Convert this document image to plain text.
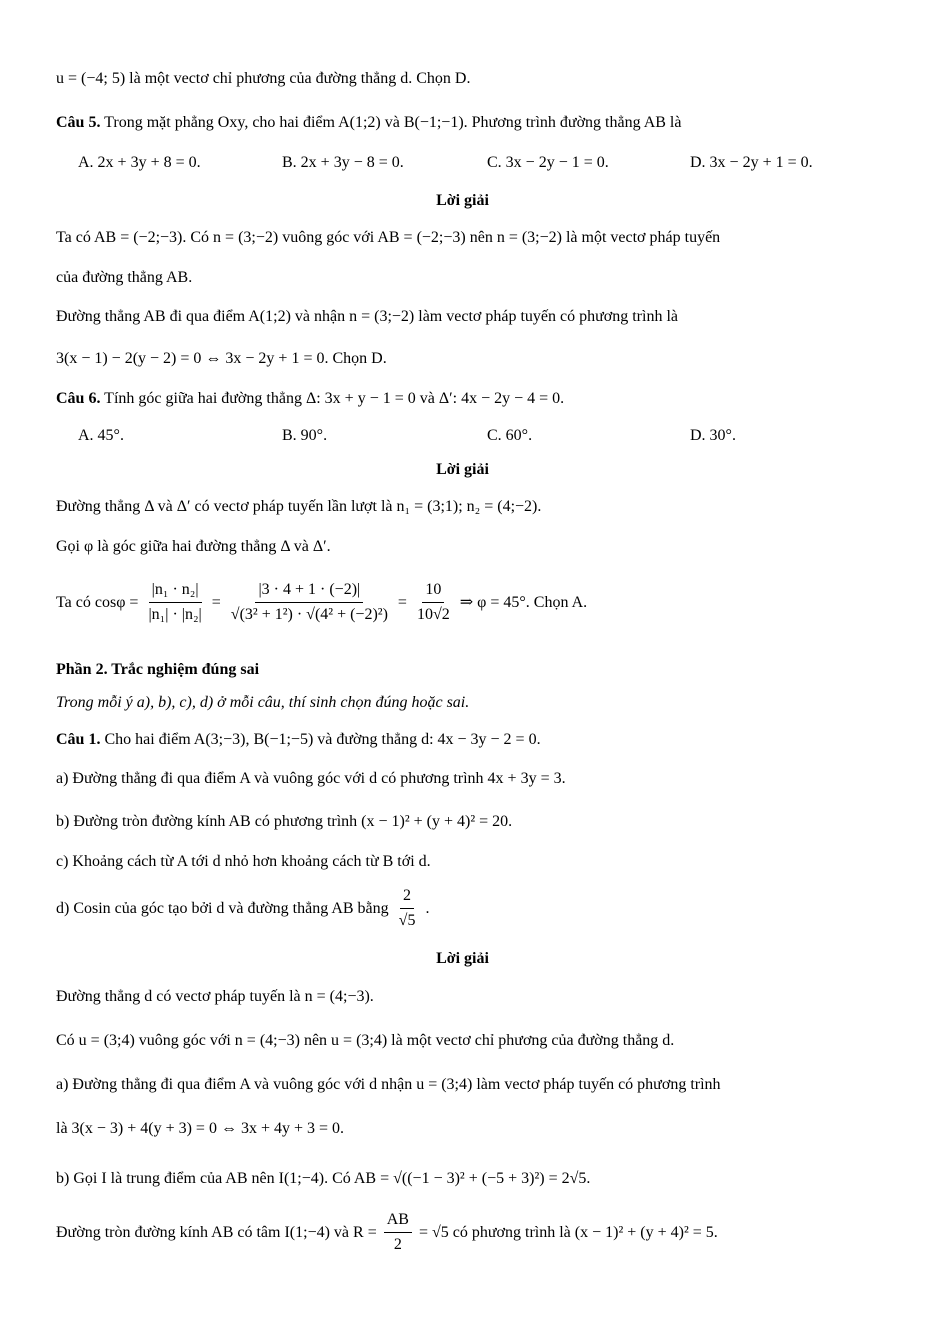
u = (−4; 5) là một vectơ chỉ phương của đường thẳng d. Chọn D.
Câu 5. Trong mặt phẳng Oxy, cho hai điểm A(1;2) và B(−1;−1). Phương trình đường thẳng AB là
A. 2x + 3y + 8 = 0.	B. 2x + 3y − 8 = 0.	C. 3x − 2y − 1 = 0.	D. 3x − 2y + 1 = 0.
Lời giải
Ta có AB = (−2;−3). Có n = (3;−2) vuông góc với AB = (−2;−3) nên n = (3;−2) là một vectơ pháp tuyến
của đường thẳng AB.
Đường thẳng AB đi qua điểm A(1;2) và nhận n = (3;−2) làm vectơ pháp tuyến có phương trình là
3(x − 1) − 2(y − 2) = 0 ⇔ 3x − 2y + 1 = 0. Chọn D.
Câu 6. Tính góc giữa hai đường thẳng Δ: 3x + y − 1 = 0 và Δ′: 4x − 2y − 4 = 0.
A. 45°.	B. 90°.	C. 60°.	D. 30°.
Lời giải
Đường thẳng Δ và Δ′ có vectơ pháp tuyến lần lượt là n₁ = (3;1); n₂ = (4;−2).
Gọi φ là góc giữa hai đường thẳng Δ và Δ′.
Ta có $\cos\varphi = \frac{\text{|n₁ · n₂|}}{\text{|n₁| · |n₂|}} = \frac{|3 \cdot 4 + 1 \cdot (-2)|}{\text{√(3² + 1²) · √(4² + (−2)²)}} = \frac{10}{10√2}$ ⇒ φ = 45°. Chọn A.
Phần 2. Trắc nghiệm đúng sai
Trong mỗi ý a), b), c), d) ở mỗi câu, thí sinh chọn đúng hoặc sai.
Câu 1. Cho hai điểm A(3;−3), B(−1;−5) và đường thẳng d: 4x − 3y − 2 = 0.
a) Đường thẳng đi qua điểm A và vuông góc với d có phương trình 4x + 3y = 3.
b) Đường tròn đường kính AB có phương trình (x − 1)² + (y + 4)² = 20.
c) Khoảng cách từ A tới d nhỏ hơn khoảng cách từ B tới d.
d) Cosin của góc tạo bởi d và đường thẳng AB bằng $\frac{2}{√5}$ .
Lời giải
Đường thẳng d có vectơ pháp tuyến là n = (4;−3).
Có u = (3;4) vuông góc với n = (4;−3) nên u = (3;4) là một vectơ chỉ phương của đường thẳng d.
a) Đường thẳng đi qua điểm A và vuông góc với d nhận u = (3;4) làm vectơ pháp tuyến có phương trình
là 3(x − 3) + 4(y + 3) = 0 ⇔ 3x + 4y + 3 = 0.
b) Gọi I là trung điểm của AB nên I(1;−4). Có AB = √((−1 − 3)² + (−5 + 3)²) = 2√5.
Đường tròn đường kính AB có tâm I(1;−4) và $R = \frac{AB}{2} = √5$ có phương trình là (x − 1)² + (y + 4)² = 5.
